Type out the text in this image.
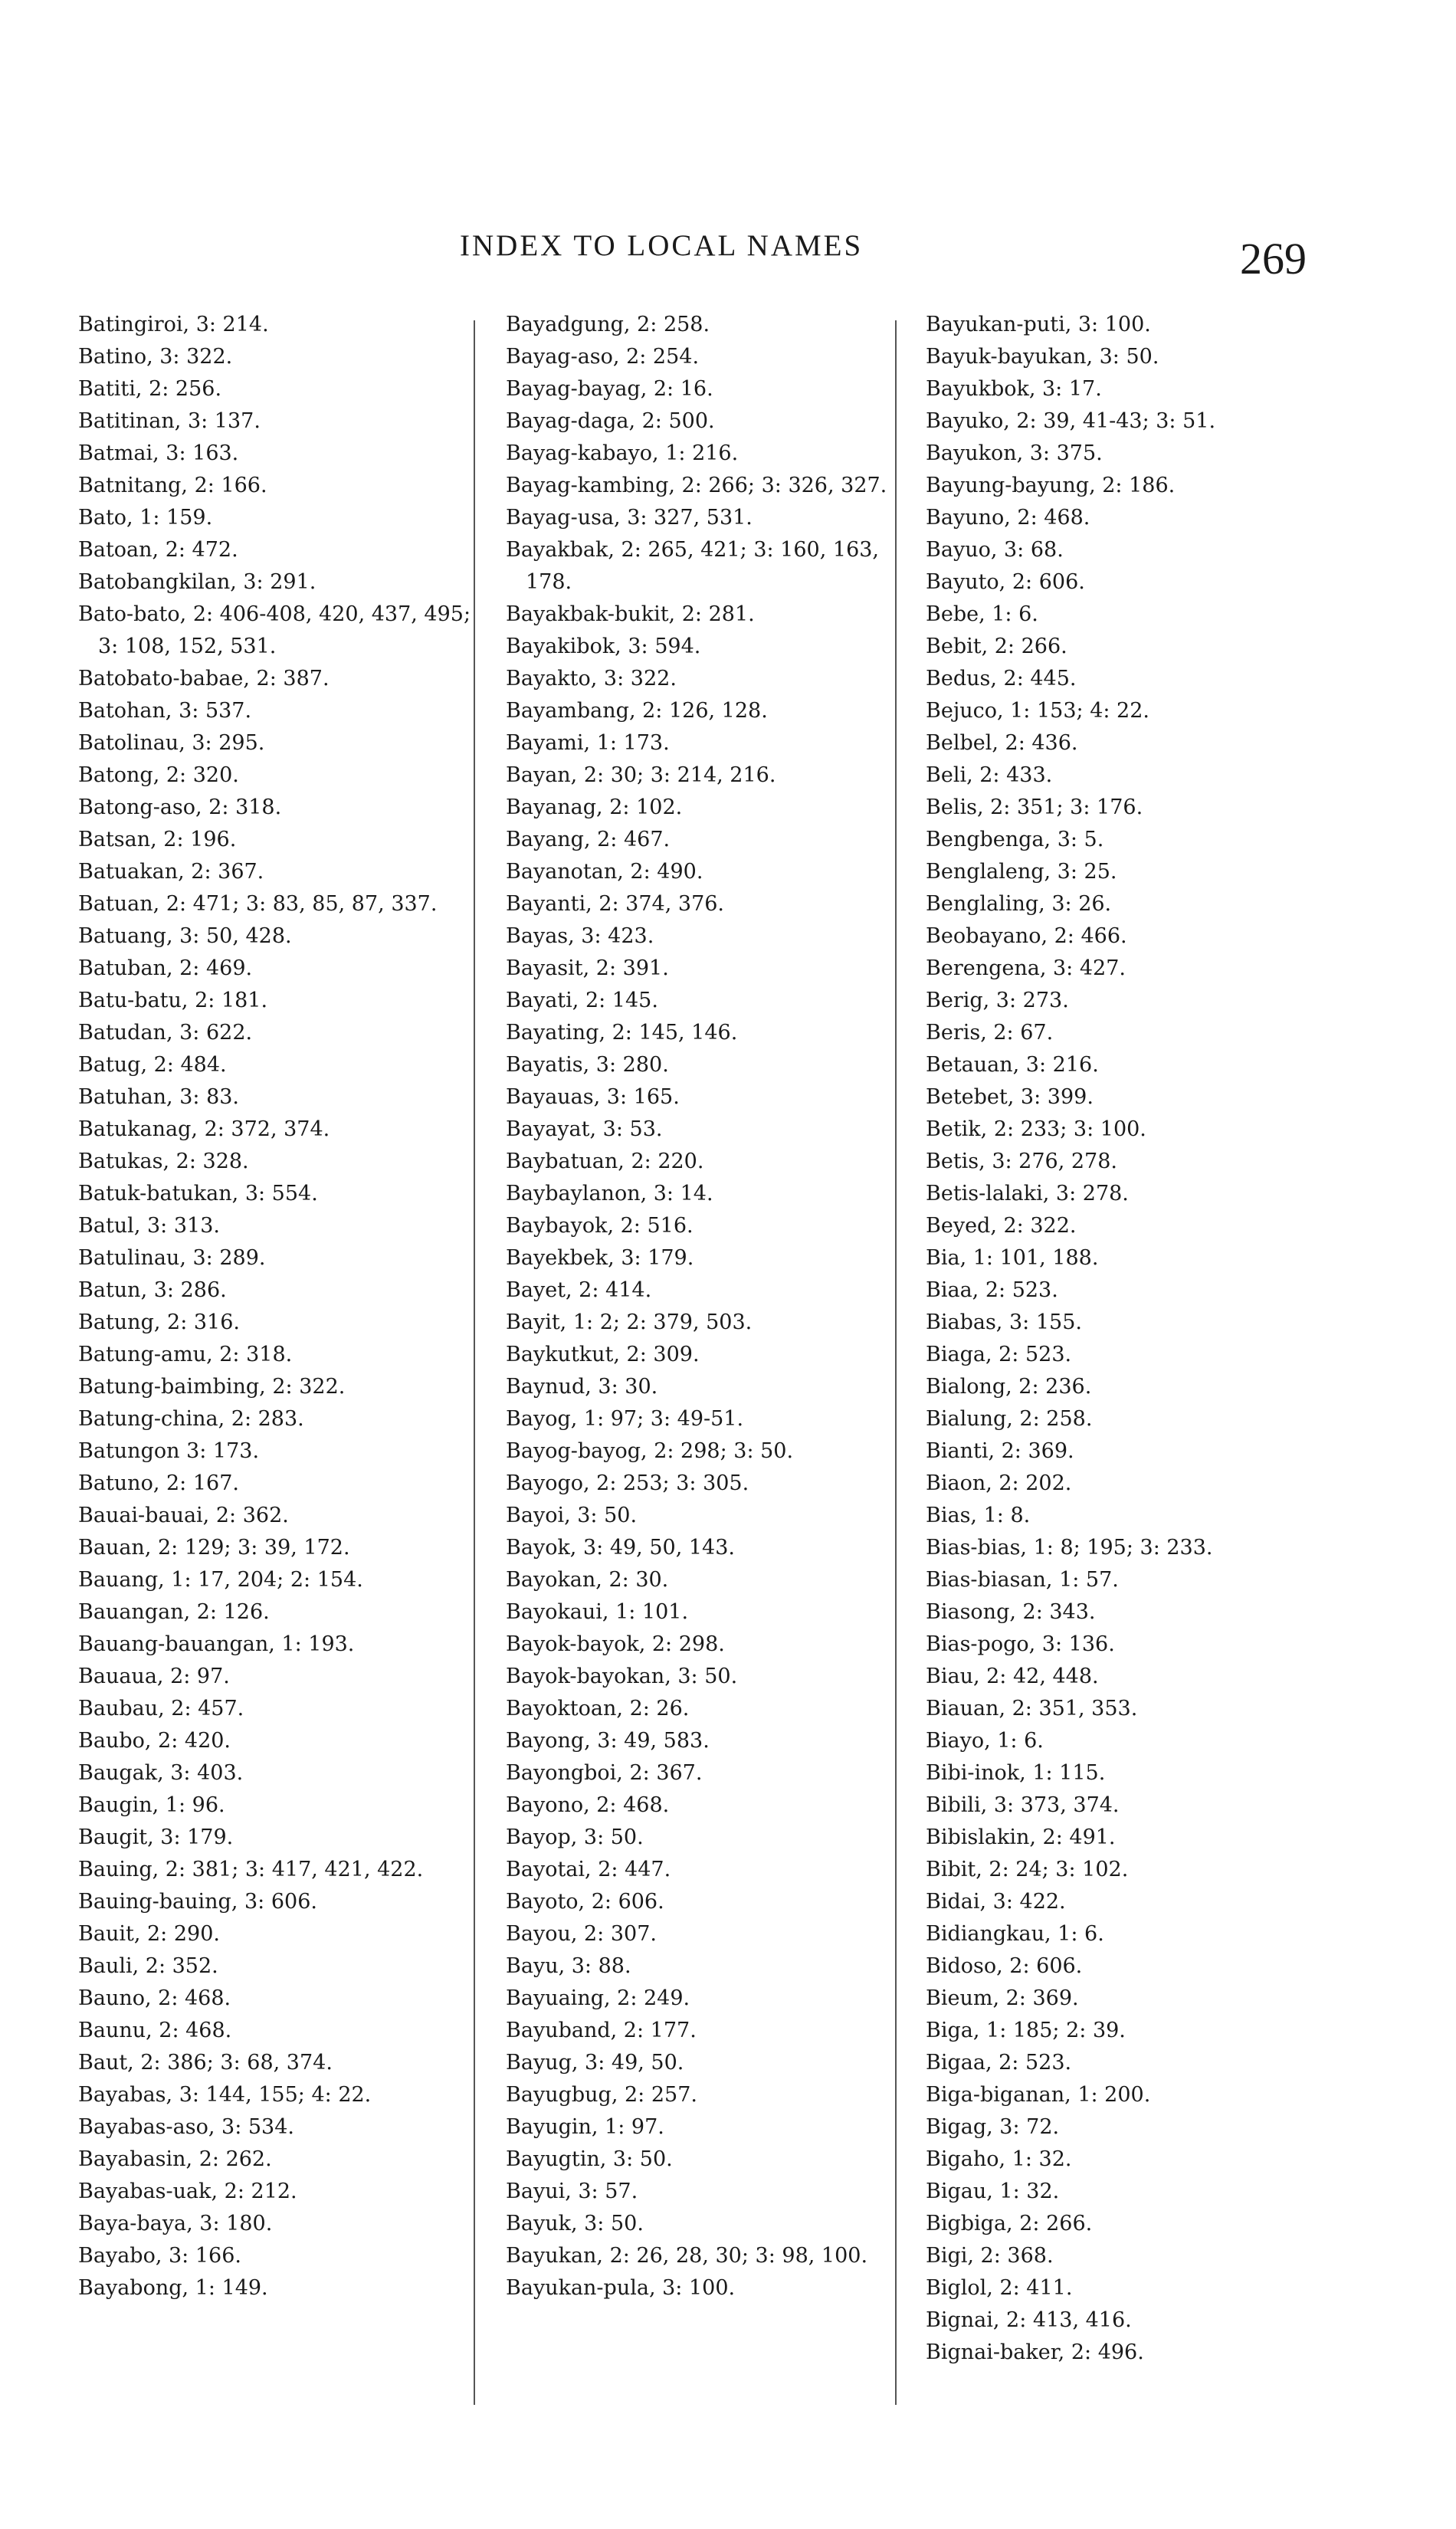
INDEX TO LOCAL NAMES	269
Batingiroi, 3: 214.
Batino, 3: 322.
Batiti, 2: 256.
Batitinan, 3: 137.
Batmai, 3: 163.
Batnitang, 2: 166.
Bato, 1: 159.
Batoan, 2: 472.
Batobangkilan, 3: 291.
Bato-bato, 2: 406-408, 420, 437, 495; 3: 108, 152, 531.
Batobato-babae, 2: 387.
Batohan, 3: 537.
Batolinau, 3: 295.
Batong, 2: 320.
Batong-aso, 2: 318.
Batsan, 2: 196.
Batuakan, 2: 367.
Batuan, 2: 471; 3: 83, 85, 87, 337.
Batuang, 3: 50, 428.
Batuban, 2: 469.
Batu-batu, 2: 181.
Batudan, 3: 622.
Batug, 2: 484.
Batuhan, 3: 83.
Batukanag, 2: 372, 374.
Batukas, 2: 328.
Batuk-batukan, 3: 554.
Batul, 3: 313.
Batulinau, 3: 289.
Batun, 3: 286.
Batung, 2: 316.
Batung-amu, 2: 318.
Batung-baimbing, 2: 322.
Batung-china, 2: 283.
Batungon 3: 173.
Batuno, 2: 167.
Bauai-bauai, 2: 362.
Bauan, 2: 129; 3: 39, 172.
Bauang, 1: 17, 204; 2: 154.
Bauangan, 2: 126.
Bauang-bauangan, 1: 193.
Bauaua, 2: 97.
Baubau, 2: 457.
Baubo, 2: 420.
Baugak, 3: 403.
Baugin, 1: 96.
Baugit, 3: 179.
Bauing, 2: 381; 3: 417, 421, 422.
Bauing-bauing, 3: 606.
Bauit, 2: 290.
Bauli, 2: 352.
Bauno, 2: 468.
Baunu, 2: 468.
Baut, 2: 386; 3: 68, 374.
Bayabas, 3: 144, 155; 4: 22.
Bayabas-aso, 3: 534.
Bayabasin, 2: 262.
Bayabas-uak, 2: 212.
Baya-baya, 3: 180.
Bayabo, 3: 166.
Bayabong, 1: 149.
Bayadgung, 2: 258.
Bayag-aso, 2: 254.
Bayag-bayag, 2: 16.
Bayag-daga, 2: 500.
Bayag-kabayo, 1: 216.
Bayag-kambing, 2: 266; 3: 326, 327.
Bayag-usa, 3: 327, 531.
Bayakbak, 2: 265, 421; 3: 160, 163, 178.
Bayakbak-bukit, 2: 281.
Bayakibok, 3: 594.
Bayakto, 3: 322.
Bayambang, 2: 126, 128.
Bayami, 1: 173.
Bayan, 2: 30; 3: 214, 216.
Bayanag, 2: 102.
Bayang, 2: 467.
Bayanotan, 2: 490.
Bayanti, 2: 374, 376.
Bayas, 3: 423.
Bayasit, 2: 391.
Bayati, 2: 145.
Bayating, 2: 145, 146.
Bayatis, 3: 280.
Bayauas, 3: 165.
Bayayat, 3: 53.
Baybatuan, 2: 220.
Baybaylanon, 3: 14.
Baybayok, 2: 516.
Bayekbek, 3: 179.
Bayet, 2: 414.
Bayit, 1: 2; 2: 379, 503.
Baykutkut, 2: 309.
Baynud, 3: 30.
Bayog, 1: 97; 3: 49-51.
Bayog-bayog, 2: 298; 3: 50.
Bayogo, 2: 253; 3: 305.
Bayoi, 3: 50.
Bayok, 3: 49, 50, 143.
Bayokan, 2: 30.
Bayokaui, 1: 101.
Bayok-bayok, 2: 298.
Bayok-bayokan, 3: 50.
Bayoktoan, 2: 26.
Bayong, 3: 49, 583.
Bayongboi, 2: 367.
Bayono, 2: 468.
Bayop, 3: 50.
Bayotai, 2: 447.
Bayoto, 2: 606.
Bayou, 2: 307.
Bayu, 3: 88.
Bayuaing, 2: 249.
Bayuband, 2: 177.
Bayug, 3: 49, 50.
Bayugbug, 2: 257.
Bayugin, 1: 97.
Bayugtin, 3: 50.
Bayui, 3: 57.
Bayuk, 3: 50.
Bayukan, 2: 26, 28, 30; 3: 98, 100.
Bayukan-pula, 3: 100.
Bayukan-puti, 3: 100.
Bayuk-bayukan, 3: 50.
Bayukbok, 3: 17.
Bayuko, 2: 39, 41-43; 3: 51.
Bayukon, 3: 375.
Bayung-bayung, 2: 186.
Bayuno, 2: 468.
Bayuo, 3: 68.
Bayuto, 2: 606.
Bebe, 1: 6.
Bebit, 2: 266.
Bedus, 2: 445.
Bejuco, 1: 153; 4: 22.
Belbel, 2: 436.
Beli, 2: 433.
Belis, 2: 351; 3: 176.
Bengbenga, 3: 5.
Benglaleng, 3: 25.
Benglaling, 3: 26.
Beobayano, 2: 466.
Berengena, 3: 427.
Berig, 3: 273.
Beris, 2: 67.
Betauan, 3: 216.
Betebet, 3: 399.
Betik, 2: 233; 3: 100.
Betis, 3: 276, 278.
Betis-lalaki, 3: 278.
Beyed, 2: 322.
Bia, 1: 101, 188.
Biaa, 2: 523.
Biabas, 3: 155.
Biaga, 2: 523.
Bialong, 2: 236.
Bialung, 2: 258.
Bianti, 2: 369.
Biaon, 2: 202.
Bias, 1: 8.
Bias-bias, 1: 8; 195; 3: 233.
Bias-biasan, 1: 57.
Biasong, 2: 343.
Bias-pogo, 3: 136.
Biau, 2: 42, 448.
Biauan, 2: 351, 353.
Biayo, 1: 6.
Bibi-inok, 1: 115.
Bibili, 3: 373, 374.
Bibislakin, 2: 491.
Bibit, 2: 24; 3: 102.
Bidai, 3: 422.
Bidiangkau, 1: 6.
Bidoso, 2: 606.
Bieum, 2: 369.
Biga, 1: 185; 2: 39.
Bigaa, 2: 523.
Biga-biganan, 1: 200.
Bigag, 3: 72.
Bigaho, 1: 32.
Bigau, 1: 32.
Bigbiga, 2: 266.
Bigi, 2: 368.
Biglol, 2: 411.
Bignai, 2: 413, 416.
Bignai-baker, 2: 496.
